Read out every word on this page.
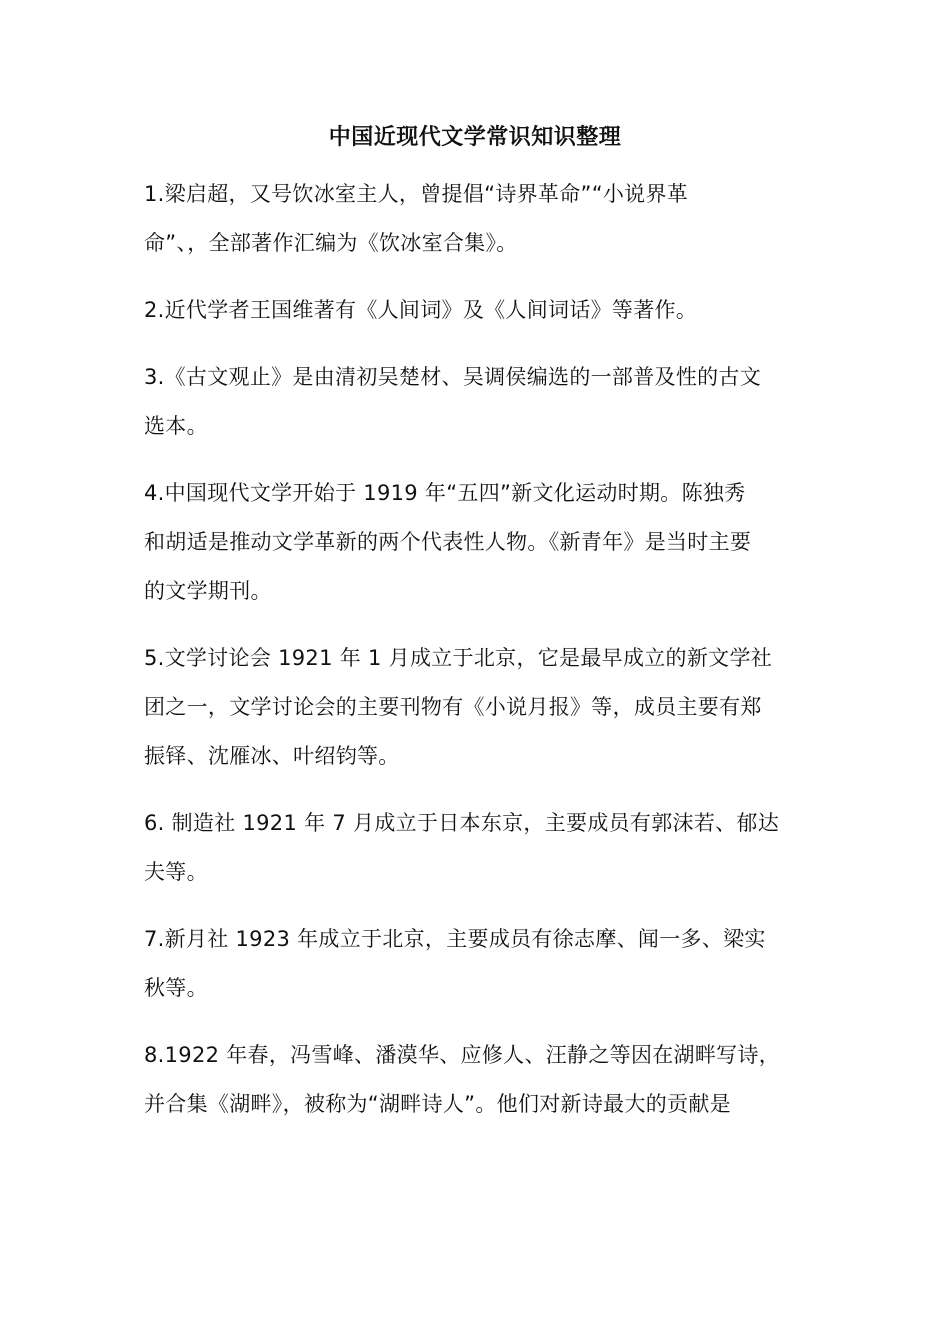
中国近现代文学常识知识整理

1.梁启超，又号饮冰室主人，曾提倡“诗界革命”“小说界革
命”、，全部著作汇编为《饮冰室合集》。

2.近代学者王国维著有《人间词》及《人间词话》等著作。

3.《古文观止》是由清初吴楚材、吴调侯编选的一部普及性的古文
选本。

4.中国现代文学开始于 1919 年“五四”新文化运动时期。陈独秀
和胡适是推动文学革新的两个代表性人物。《新青年》是当时主要
的文学期刊。

5.文学讨论会 1921 年 1 月成立于北京，它是最早成立的新文学社
团之一，文学讨论会的主要刊物有《小说月报》等，成员主要有郑
振铎、沈雁冰、叶绍钧等。

6. 制造社 1921 年 7 月成立于日本东京，主要成员有郭沫若、郁达
夫等。

7.新月社 1923 年成立于北京，主要成员有徐志摩、闻一多、梁实
秋等。

8.1922 年春，冯雪峰、潘漠华、应修人、汪静之等因在湖畔写诗，
并合集《湖畔》，被称为“湖畔诗人”。他们对新诗最大的贡献是
